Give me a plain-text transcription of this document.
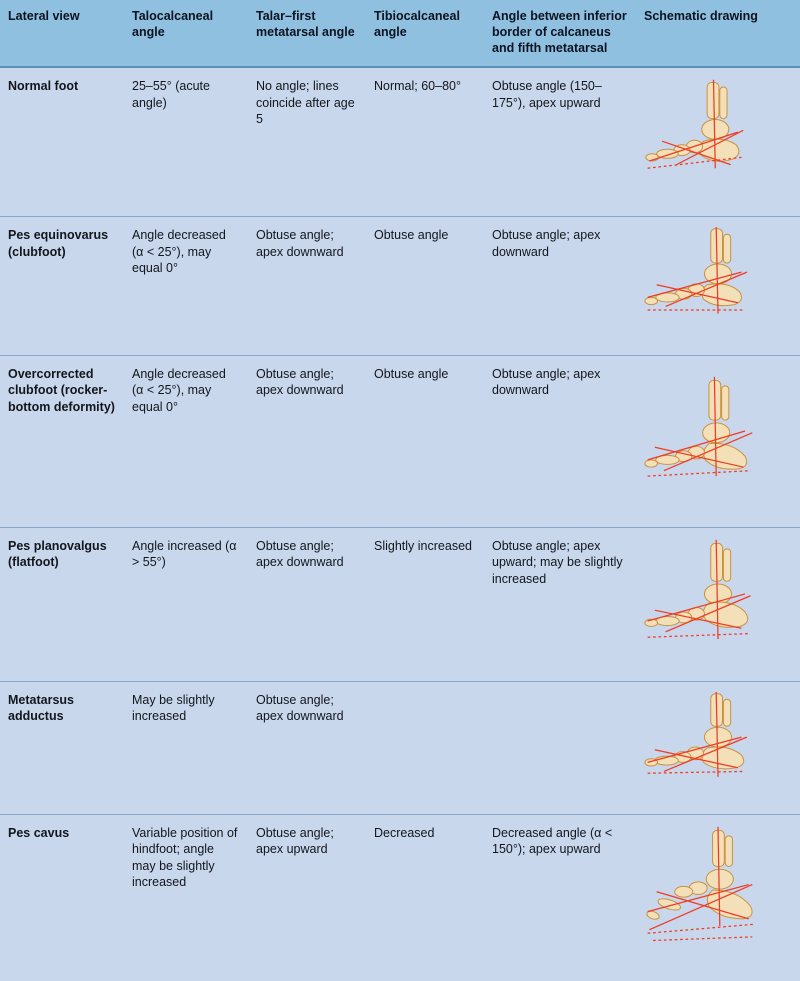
Lateral view	Talocalcaneal angle	Talar–first metatarsal angle	Tibiocalcaneal angle	Angle between inferior border of calcaneus and fifth metatarsal	Schematic drawing
Normal foot	25–55° (acute angle)	No angle; lines coincide after age 5	Normal; 60–80°	Obtuse angle (150–175°), apex upward	

Pes equinovarus (clubfoot)	Angle decreased (α < 25°), may equal 0°	Obtuse angle; apex downward	Obtuse angle	Obtuse angle; apex downward	

Overcorrected clubfoot (rocker-bottom deformity)	Angle decreased (α < 25°), may equal 0°	Obtuse angle; apex downward	Obtuse angle	Obtuse angle; apex downward	

Pes planovalgus (flatfoot)	Angle increased (α > 55°)	Obtuse angle; apex downward	Slightly increased	Obtuse angle; apex upward; may be slightly increased	

Metatarsus adductus	May be slightly increased	Obtuse angle; apex downward			

Pes cavus	Variable position of hindfoot; angle may be slightly increased	Obtuse angle; apex upward	Decreased	Decreased angle (α < 150°); apex upward	
